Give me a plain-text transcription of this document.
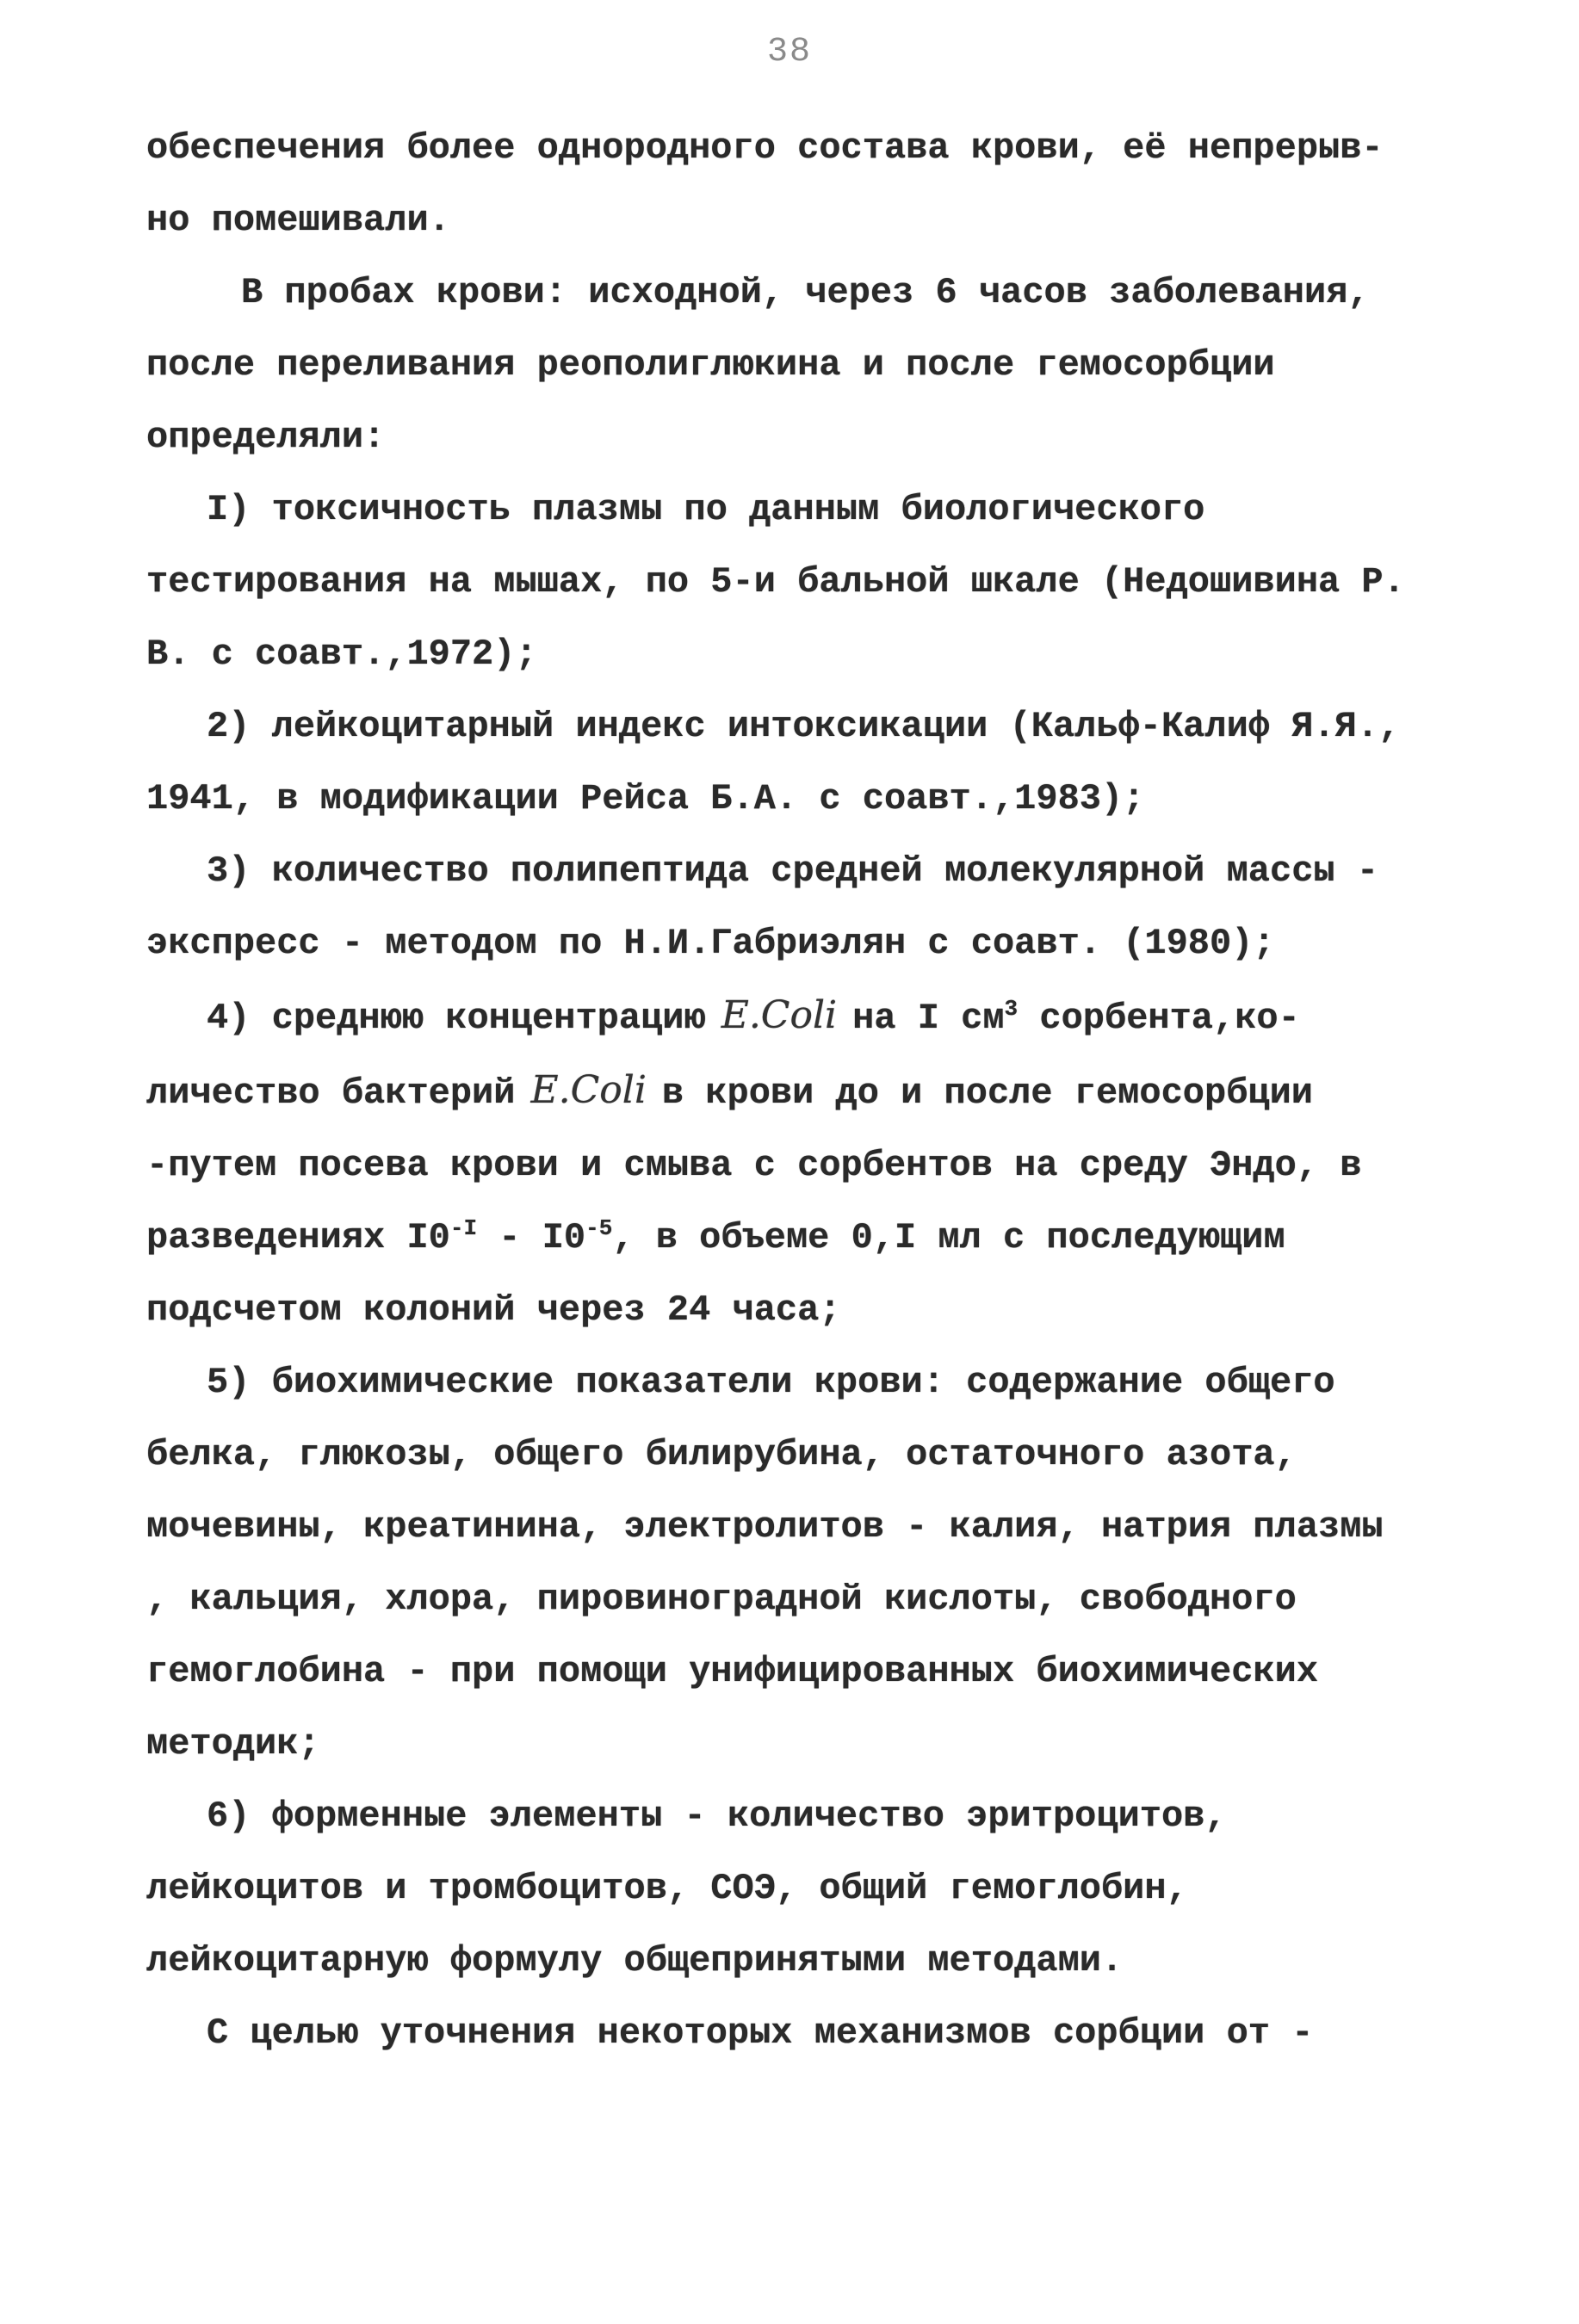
38

обеспечения более однородного состава крови, её непрерыв-

но помешивали.

В пробах крови: исходной, через 6 часов заболевания, после переливания реополиглюкина и после гемосорбции определяли:

I) токсичность плазмы по данным биологического тестирования на мышах, по 5-и бальной шкале (Недошивина Р. В. с соавт.,1972);

2) лейкоцитарный индекс интоксикации (Кальф-Калиф Я.Я., 1941, в модификации Рейса Б.А. с соавт.,1983);

3) количество полипептида средней молекулярной массы - экспресс - методом по Н.И.Габриэлян с соавт. (1980);

4) среднюю концентрацию E.Coli на I $см^3$ сорбента,ко-
личество бактерий E.Coli в крови до и после гемосорбции
-путем посева крови и смыва с сорбентов на среду Эндо, в
разведениях $I0^{-I} - I0^{-5}$, в объеме 0,I мл с последующим
подсчетом колоний через 24 часа;

5) биохимические показатели крови: содержание общего белка, глюкозы, общего билирубина, остаточного азота, мочевины, креатинина, электролитов - калия, натрия плазмы , кальция, хлора, пировиноградной кислоты, свободного гемоглобина - при помощи унифицированных биохимических методик;

6) форменные элементы - количество эритроцитов, лейкоцитов и тромбоцитов, СОЭ, общий гемоглобин, лейкоцитарную формулу общепринятыми методами.

С целью уточнения некоторых механизмов сорбции от -
